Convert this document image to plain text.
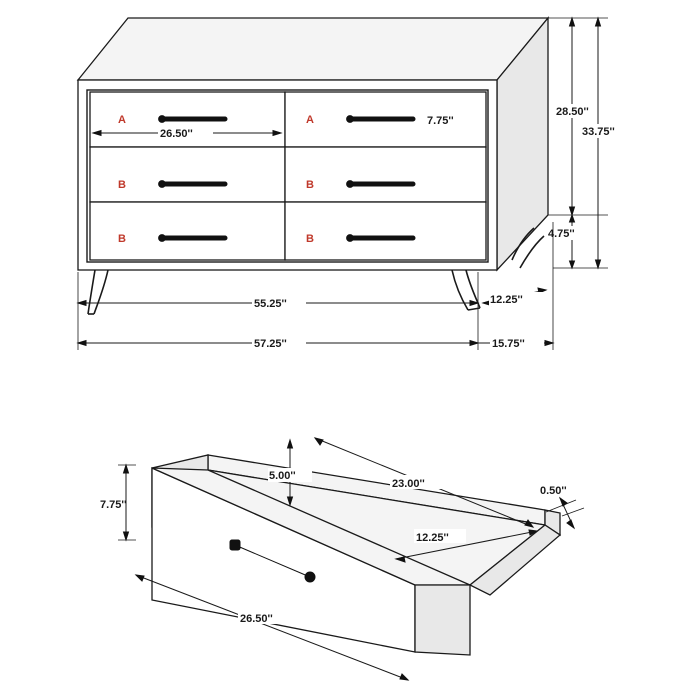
A	A
B	B
B	B
26.50''
7.75''
28.50''
33.75''
4.75''
55.25''	12.25''
57.25''	15.75''
7.75''
5.00''
23.00''
12.25''
0.50''
26.50''
